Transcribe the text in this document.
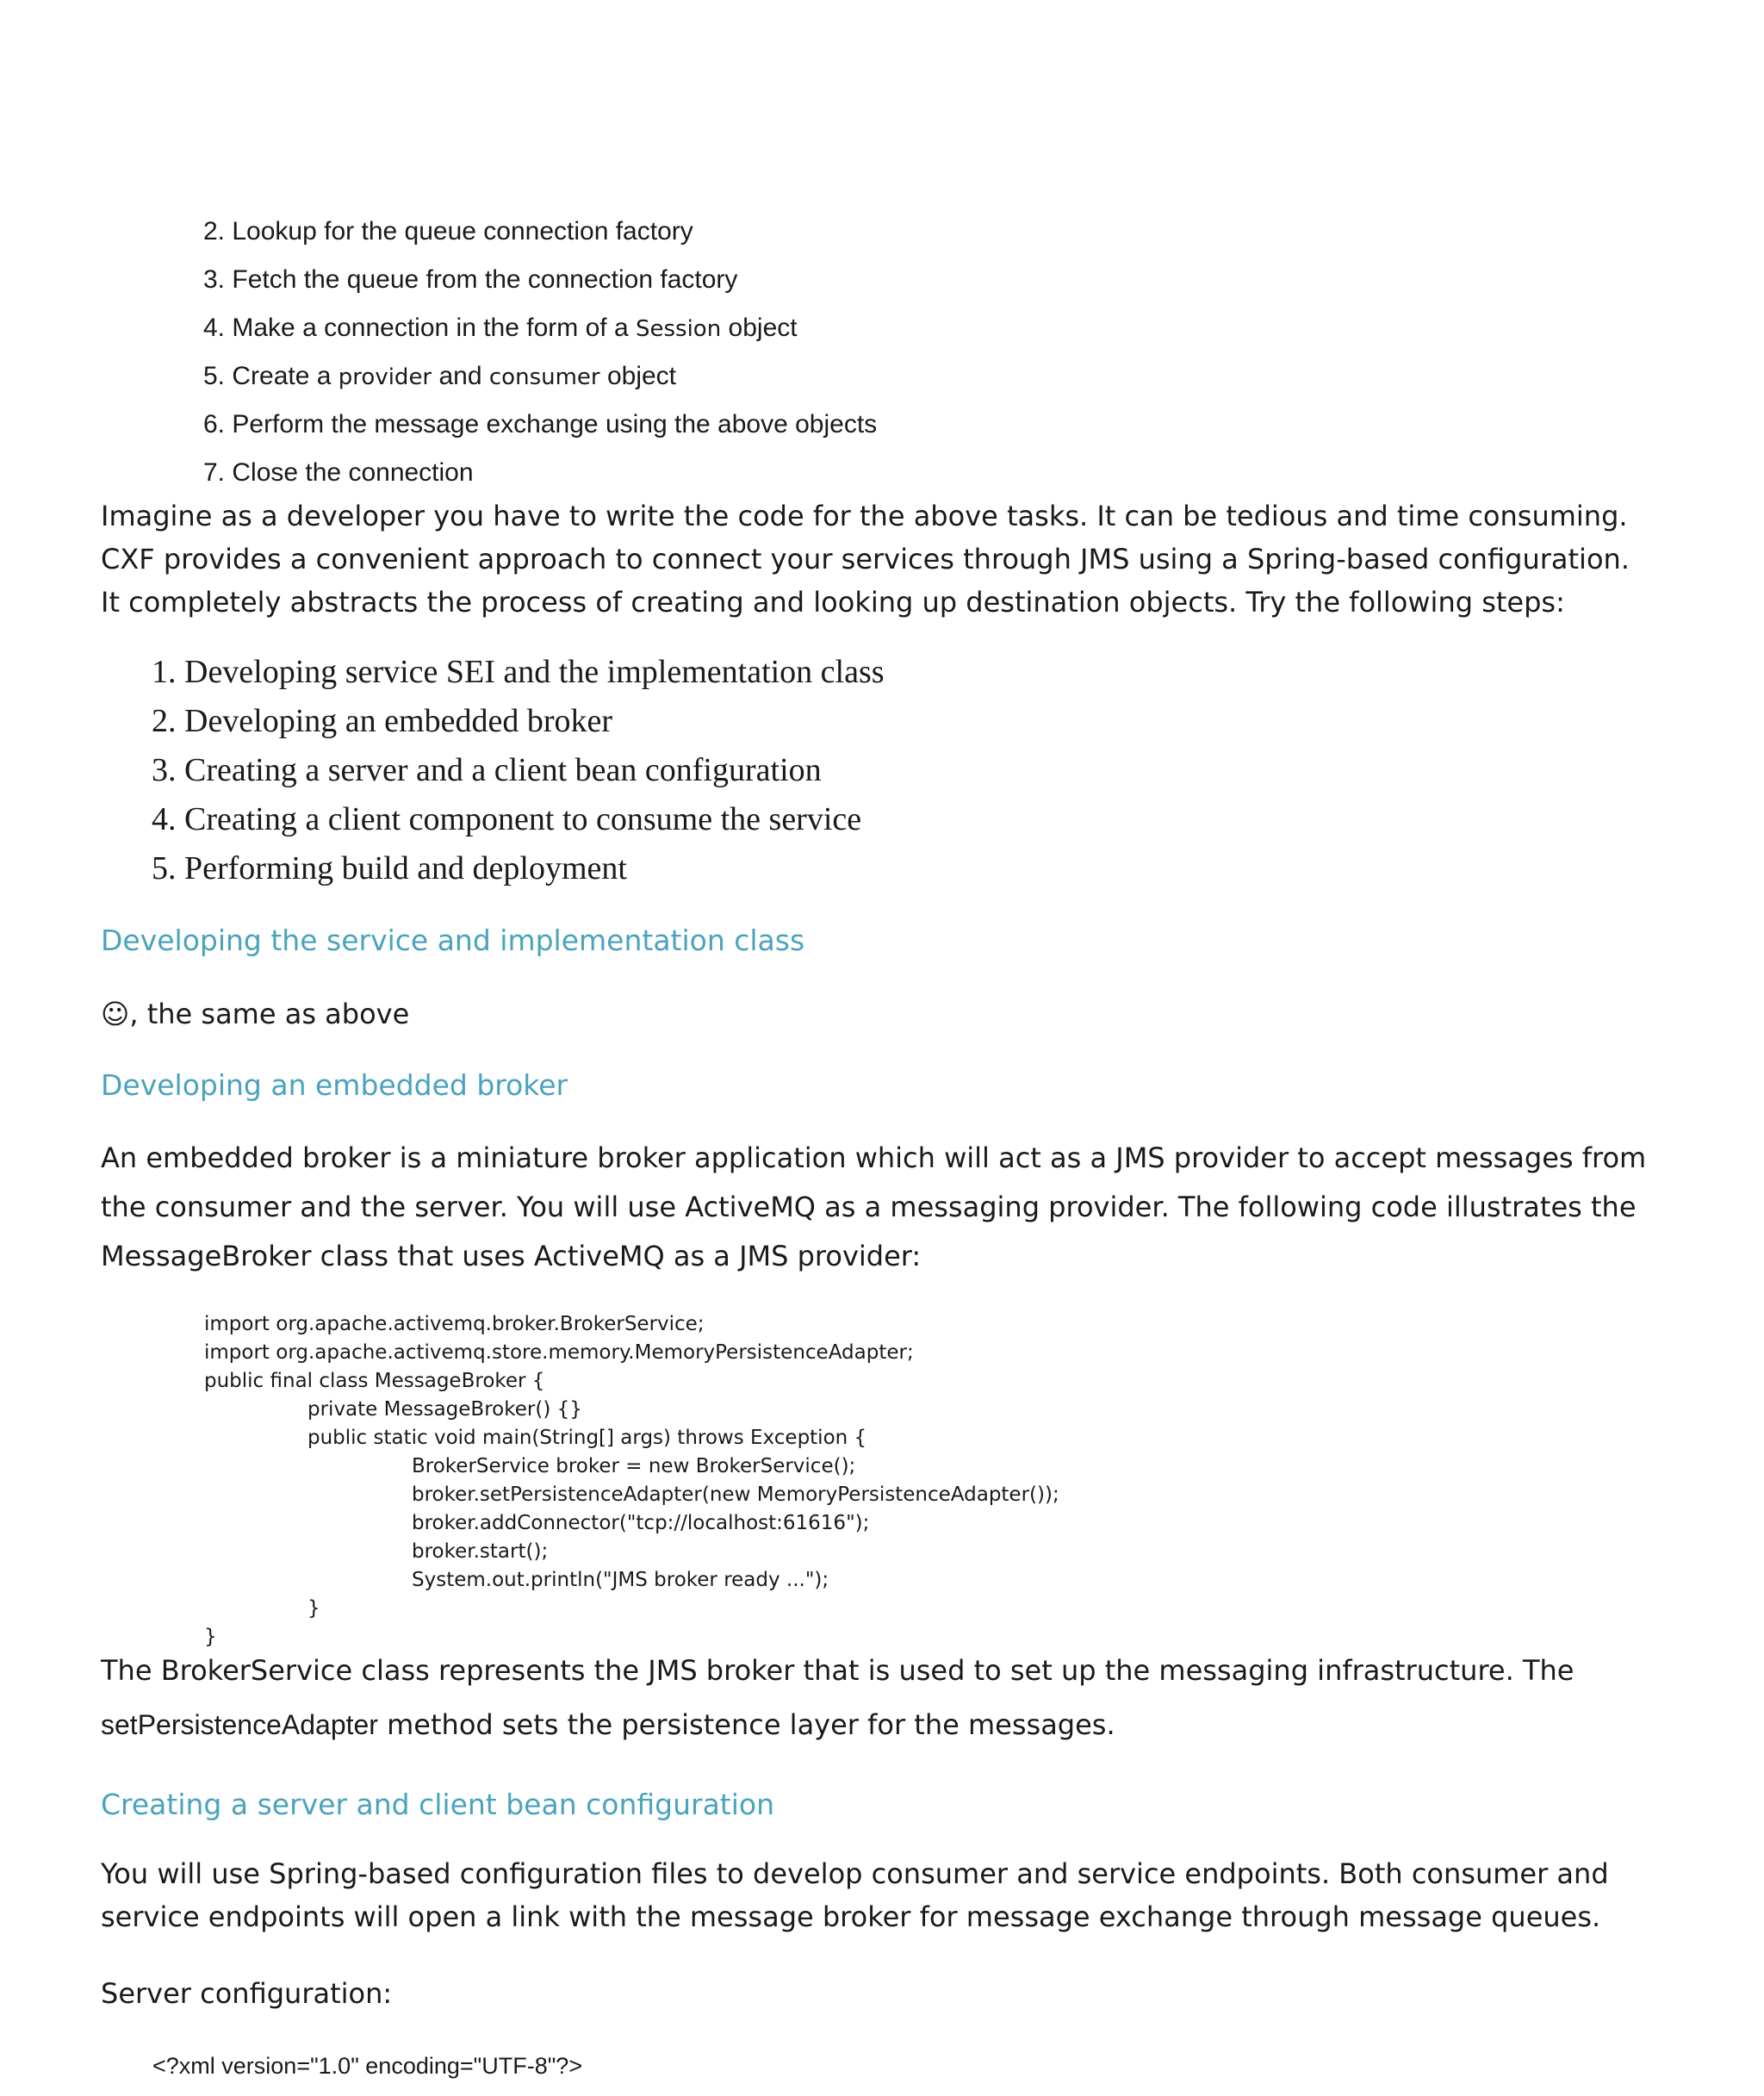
2. Lookup for the queue connection factory
3. Fetch the queue from the connection factory
4. Make a connection in the form of a Session object
5. Create a provider and consumer object
6. Perform the message exchange using the above objects
7. Close the connection
Imagine as a developer you have to write the code for the above tasks. It can be tedious and time consuming. CXF provides a convenient approach to connect your services through JMS using a Spring-based configuration. It completely abstracts the process of creating and looking up destination objects. Try the following steps:
1. Developing service SEI and the implementation class
2. Developing an embedded broker
3. Creating a server and a client bean configuration
4. Creating a client component to consume the service
5. Performing build and deployment
Developing the service and implementation class
☺, the same as above
Developing an embedded broker
An embedded broker is a miniature broker application which will act as a JMS provider to accept messages from the consumer and the server. You will use ActiveMQ as a messaging provider. The following code illustrates the MessageBroker class that uses ActiveMQ as a JMS provider:
import org.apache.activemq.broker.BrokerService;
import org.apache.activemq.store.memory.MemoryPersistenceAdapter;
public final class MessageBroker {
private MessageBroker() {}
public static void main(String[] args) throws Exception {
BrokerService broker = new BrokerService();
broker.setPersistenceAdapter(new MemoryPersistenceAdapter());
broker.addConnector("tcp://localhost:61616");
broker.start();
System.out.println("JMS broker ready ...");
}
}
The BrokerService class represents the JMS broker that is used to set up the messaging infrastructure. The
setPersistenceAdapter method sets the persistence layer for the messages.
Creating a server and client bean configuration
You will use Spring-based configuration files to develop consumer and service endpoints. Both consumer and service endpoints will open a link with the message broker for message exchange through message queues.
Server configuration:
<?xml version="1.0" encoding="UTF-8"?>
